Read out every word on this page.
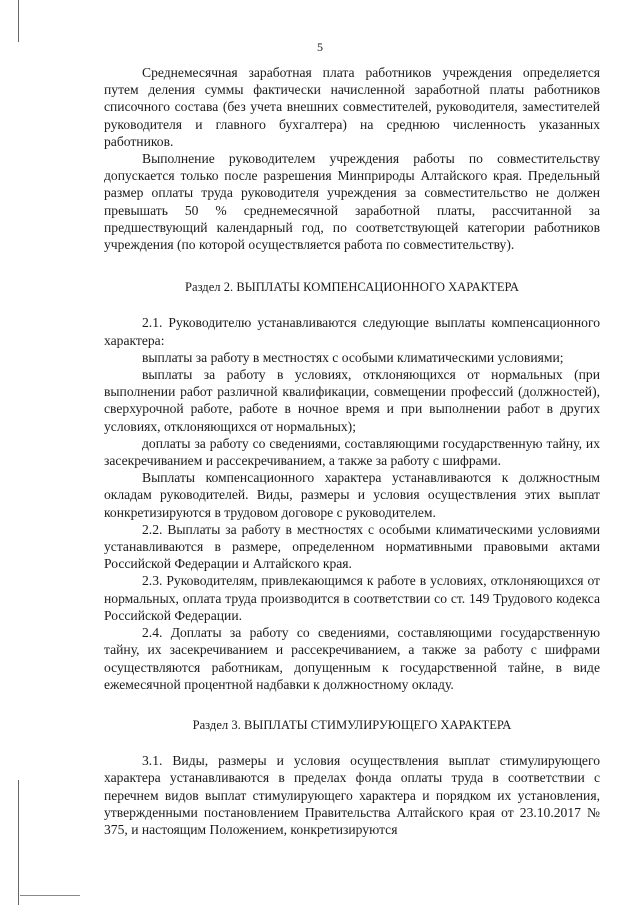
5

Среднемесячная заработная плата работников учреждения определяется путем деления суммы фактически начисленной заработной платы работников списочного состава (без учета внешних совместителей, руководителя, заместителей руководителя и главного бухгалтера) на среднюю численность указанных работников.

Выполнение руководителем учреждения работы по совместительству допускается только после разрешения Минприроды Алтайского края. Предельный размер оплаты труда руководителя учреждения за совместительство не должен превышать 50 % среднемесячной заработной платы, рассчитанной за предшествующий календарный год, по соответствующей категории работников учреждения (по которой осуществляется работа по совместительству).

Раздел 2. ВЫПЛАТЫ КОМПЕНСАЦИОННОГО ХАРАКТЕРА

2.1. Руководителю устанавливаются следующие выплаты компенсационного характера:

выплаты за работу в местностях с особыми климатическими условиями;

выплаты за работу в условиях, отклоняющихся от нормальных (при выполнении работ различной квалификации, совмещении профессий (должностей), сверхурочной работе, работе в ночное время и при выполнении работ в других условиях, отклоняющихся от нормальных);

доплаты за работу со сведениями, составляющими государственную тайну, их засекречиванием и рассекречиванием, а также за работу с шифрами.

Выплаты компенсационного характера устанавливаются к должностным окладам руководителей. Виды, размеры и условия осуществления этих выплат конкретизируются в трудовом договоре с руководителем.

2.2. Выплаты за работу в местностях с особыми климатическими условиями устанавливаются в размере, определенном нормативными правовыми актами Российской Федерации и Алтайского края.

2.3. Руководителям, привлекающимся к работе в условиях, отклоняющихся от нормальных, оплата труда производится в соответствии со ст. 149 Трудового кодекса Российской Федерации.

2.4. Доплаты за работу со сведениями, составляющими государственную тайну, их засекречиванием и рассекречиванием, а также за работу с шифрами осуществляются работникам, допущенным к государственной тайне, в виде ежемесячной процентной надбавки к должностному окладу.

Раздел 3. ВЫПЛАТЫ СТИМУЛИРУЮЩЕГО ХАРАКТЕРА

3.1. Виды, размеры и условия осуществления выплат стимулирующего характера устанавливаются в пределах фонда оплаты труда в соответствии с перечнем видов выплат стимулирующего характера и порядком их установления, утвержденными постановлением Правительства Алтайского края от 23.10.2017 № 375, и настоящим Положением, конкретизируются
